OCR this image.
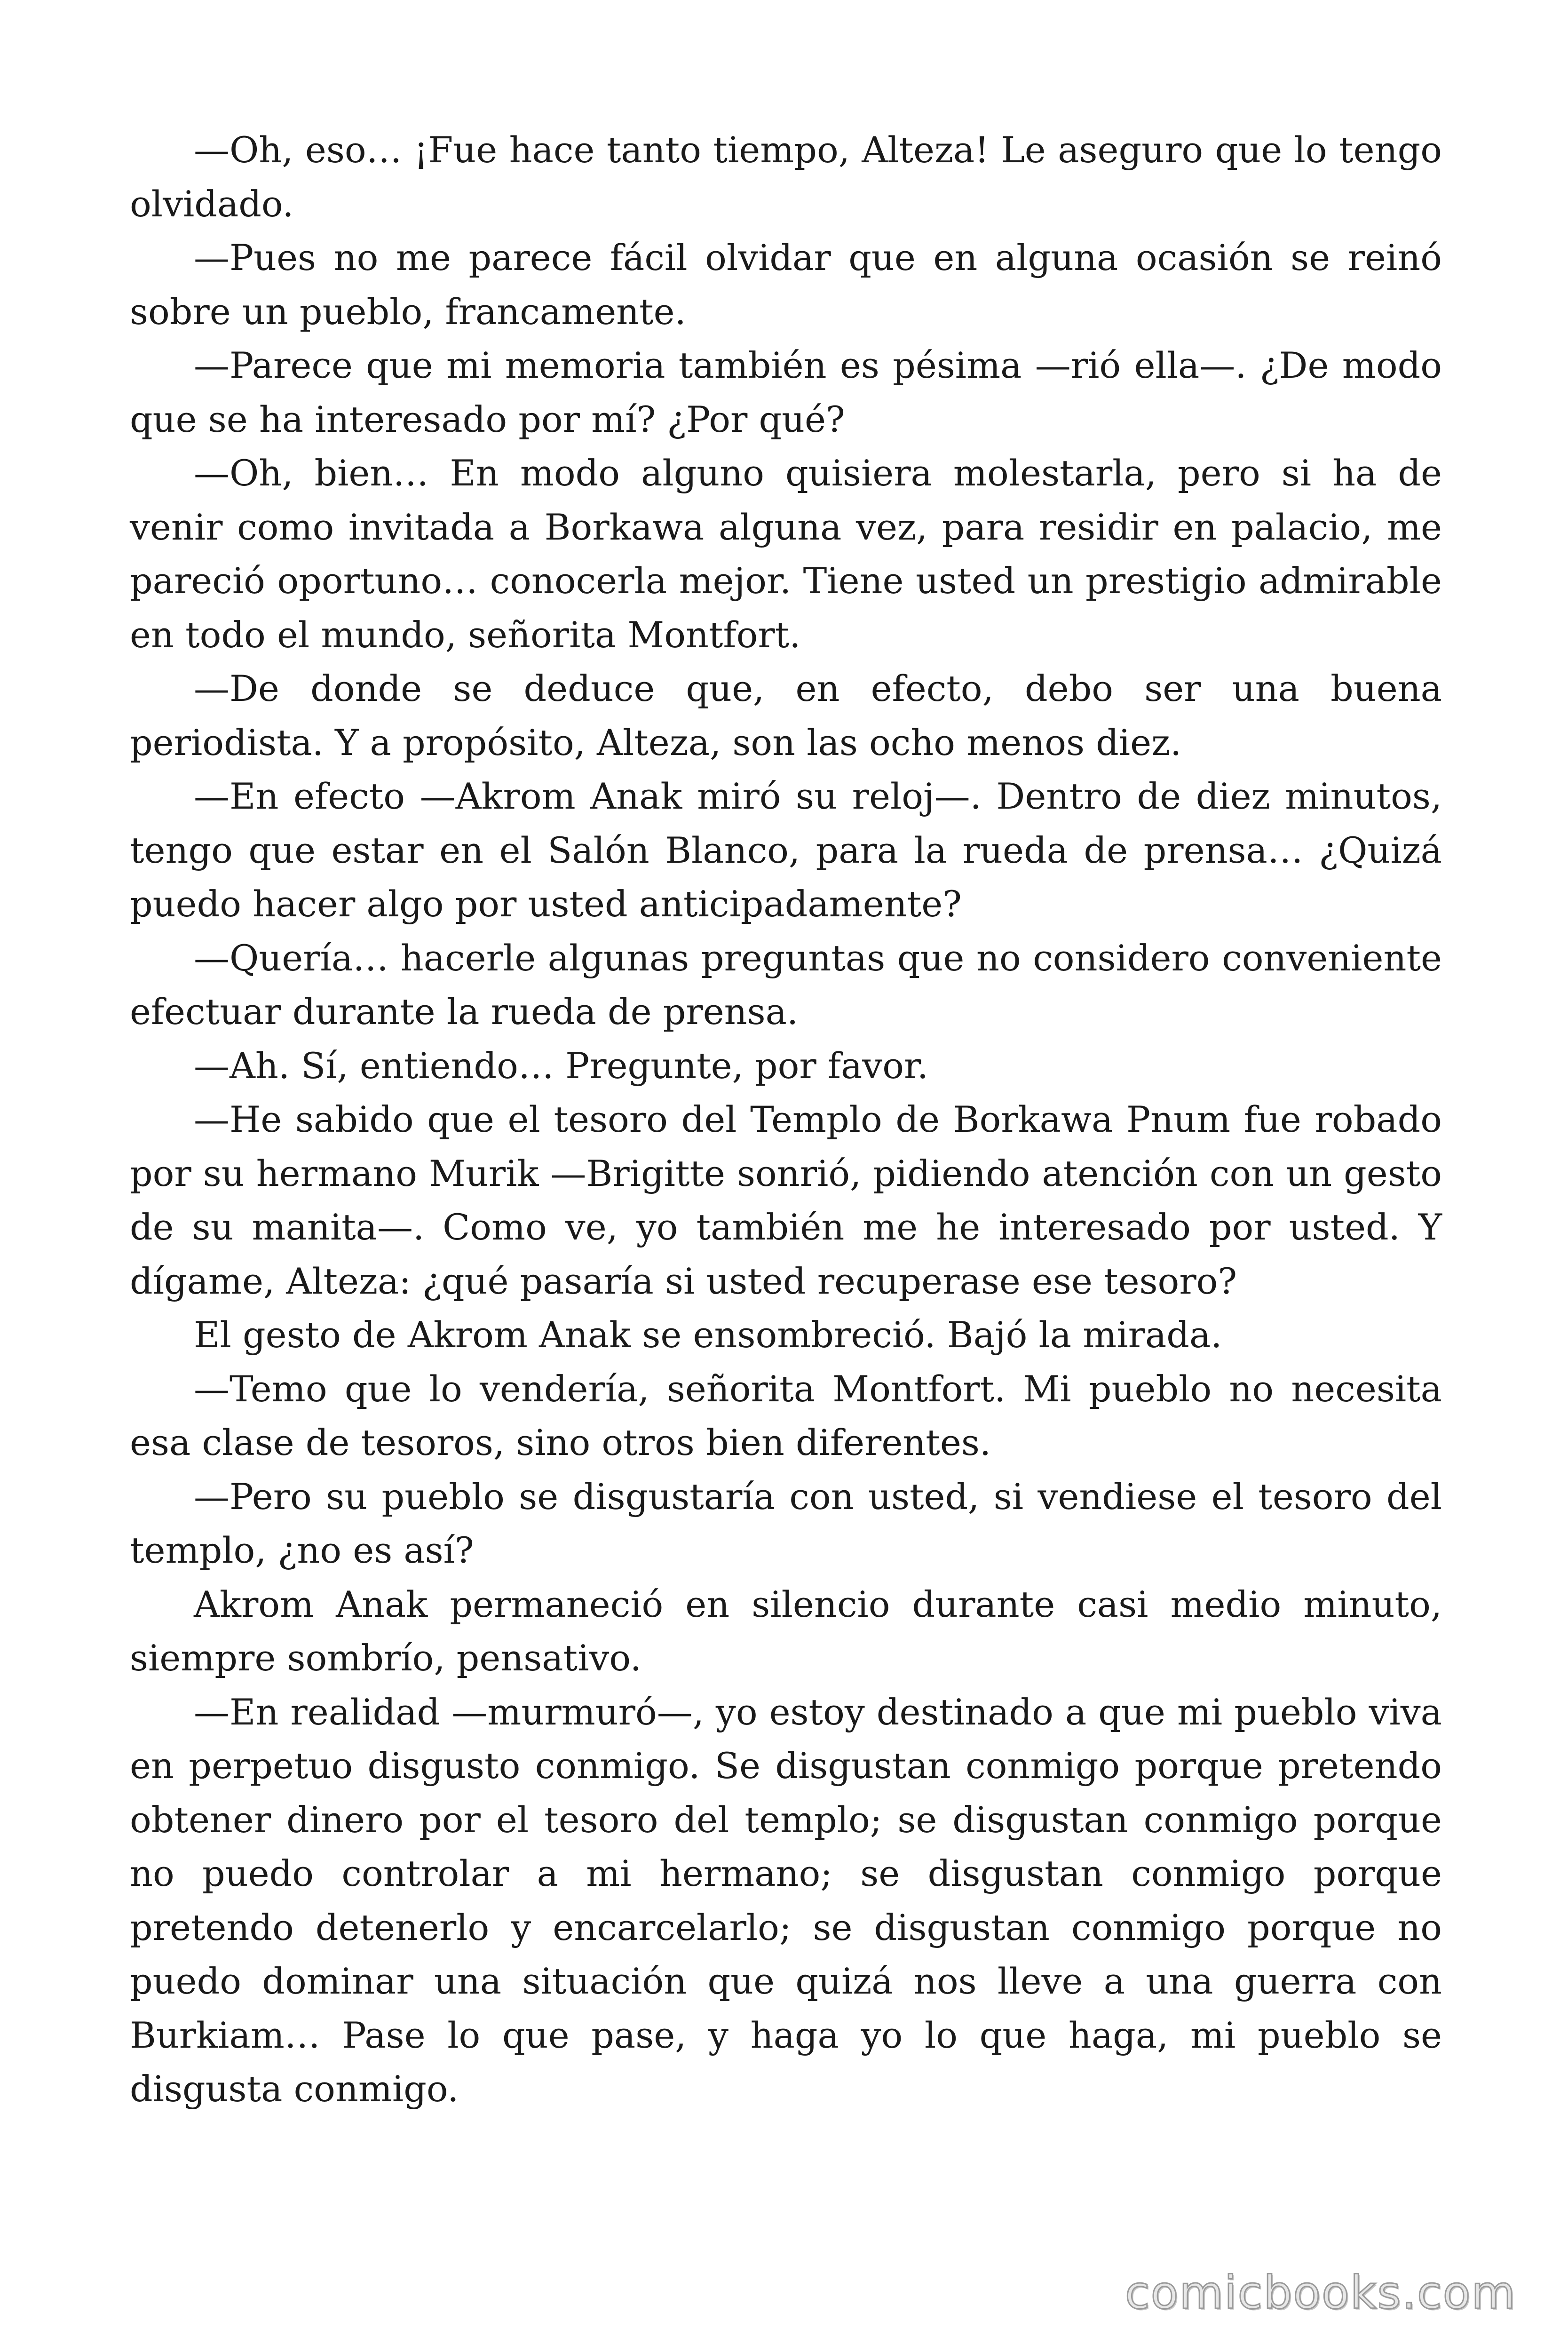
—Oh, eso… ¡Fue hace tanto tiempo, Alteza! Le aseguro que lo tengo olvidado.

—Pues no me parece fácil olvidar que en alguna ocasión se reinó sobre un pueblo, francamente.

—Parece que mi memoria también es pésima —rió ella—. ¿De modo que se ha interesado por mí? ¿Por qué?

—Oh, bien… En modo alguno quisiera molestarla, pero si ha de venir como invitada a Borkawa alguna vez, para residir en palacio, me pareció oportuno… conocerla mejor. Tiene usted un prestigio admirable en todo el mundo, señorita Montfort.

—De donde se deduce que, en efecto, debo ser una buena periodista. Y a propósito, Alteza, son las ocho menos diez.

—En efecto —Akrom Anak miró su reloj—. Dentro de diez minutos, tengo que estar en el Salón Blanco, para la rueda de prensa… ¿Quizá puedo hacer algo por usted anticipadamente?

—Quería… hacerle algunas preguntas que no considero conveniente efectuar durante la rueda de prensa.

—Ah. Sí, entiendo… Pregunte, por favor.

—He sabido que el tesoro del Templo de Borkawa Pnum fue robado por su hermano Murik —Brigitte sonrió, pidiendo atención con un gesto de su manita—. Como ve, yo también me he interesado por usted. Y dígame, Alteza: ¿qué pasaría si usted recuperase ese tesoro?

El gesto de Akrom Anak se ensombreció. Bajó la mirada.

—Temo que lo vendería, señorita Montfort. Mi pueblo no necesita esa clase de tesoros, sino otros bien diferentes.

—Pero su pueblo se disgustaría con usted, si vendiese el tesoro del templo, ¿no es así?

Akrom Anak permaneció en silencio durante casi medio minuto, siempre sombrío, pensativo.

—En realidad —murmuró—, yo estoy destinado a que mi pueblo viva en perpetuo disgusto conmigo. Se disgustan conmigo porque pretendo obtener dinero por el tesoro del templo; se disgustan conmigo porque no puedo controlar a mi hermano; se disgustan conmigo porque pretendo detenerlo y encarcelarlo; se disgustan conmigo porque no puedo dominar una situación que quizá nos lleve a una guerra con Burkiam… Pase lo que pase, y haga yo lo que haga, mi pueblo se disgusta conmigo.

comicbooks.com
